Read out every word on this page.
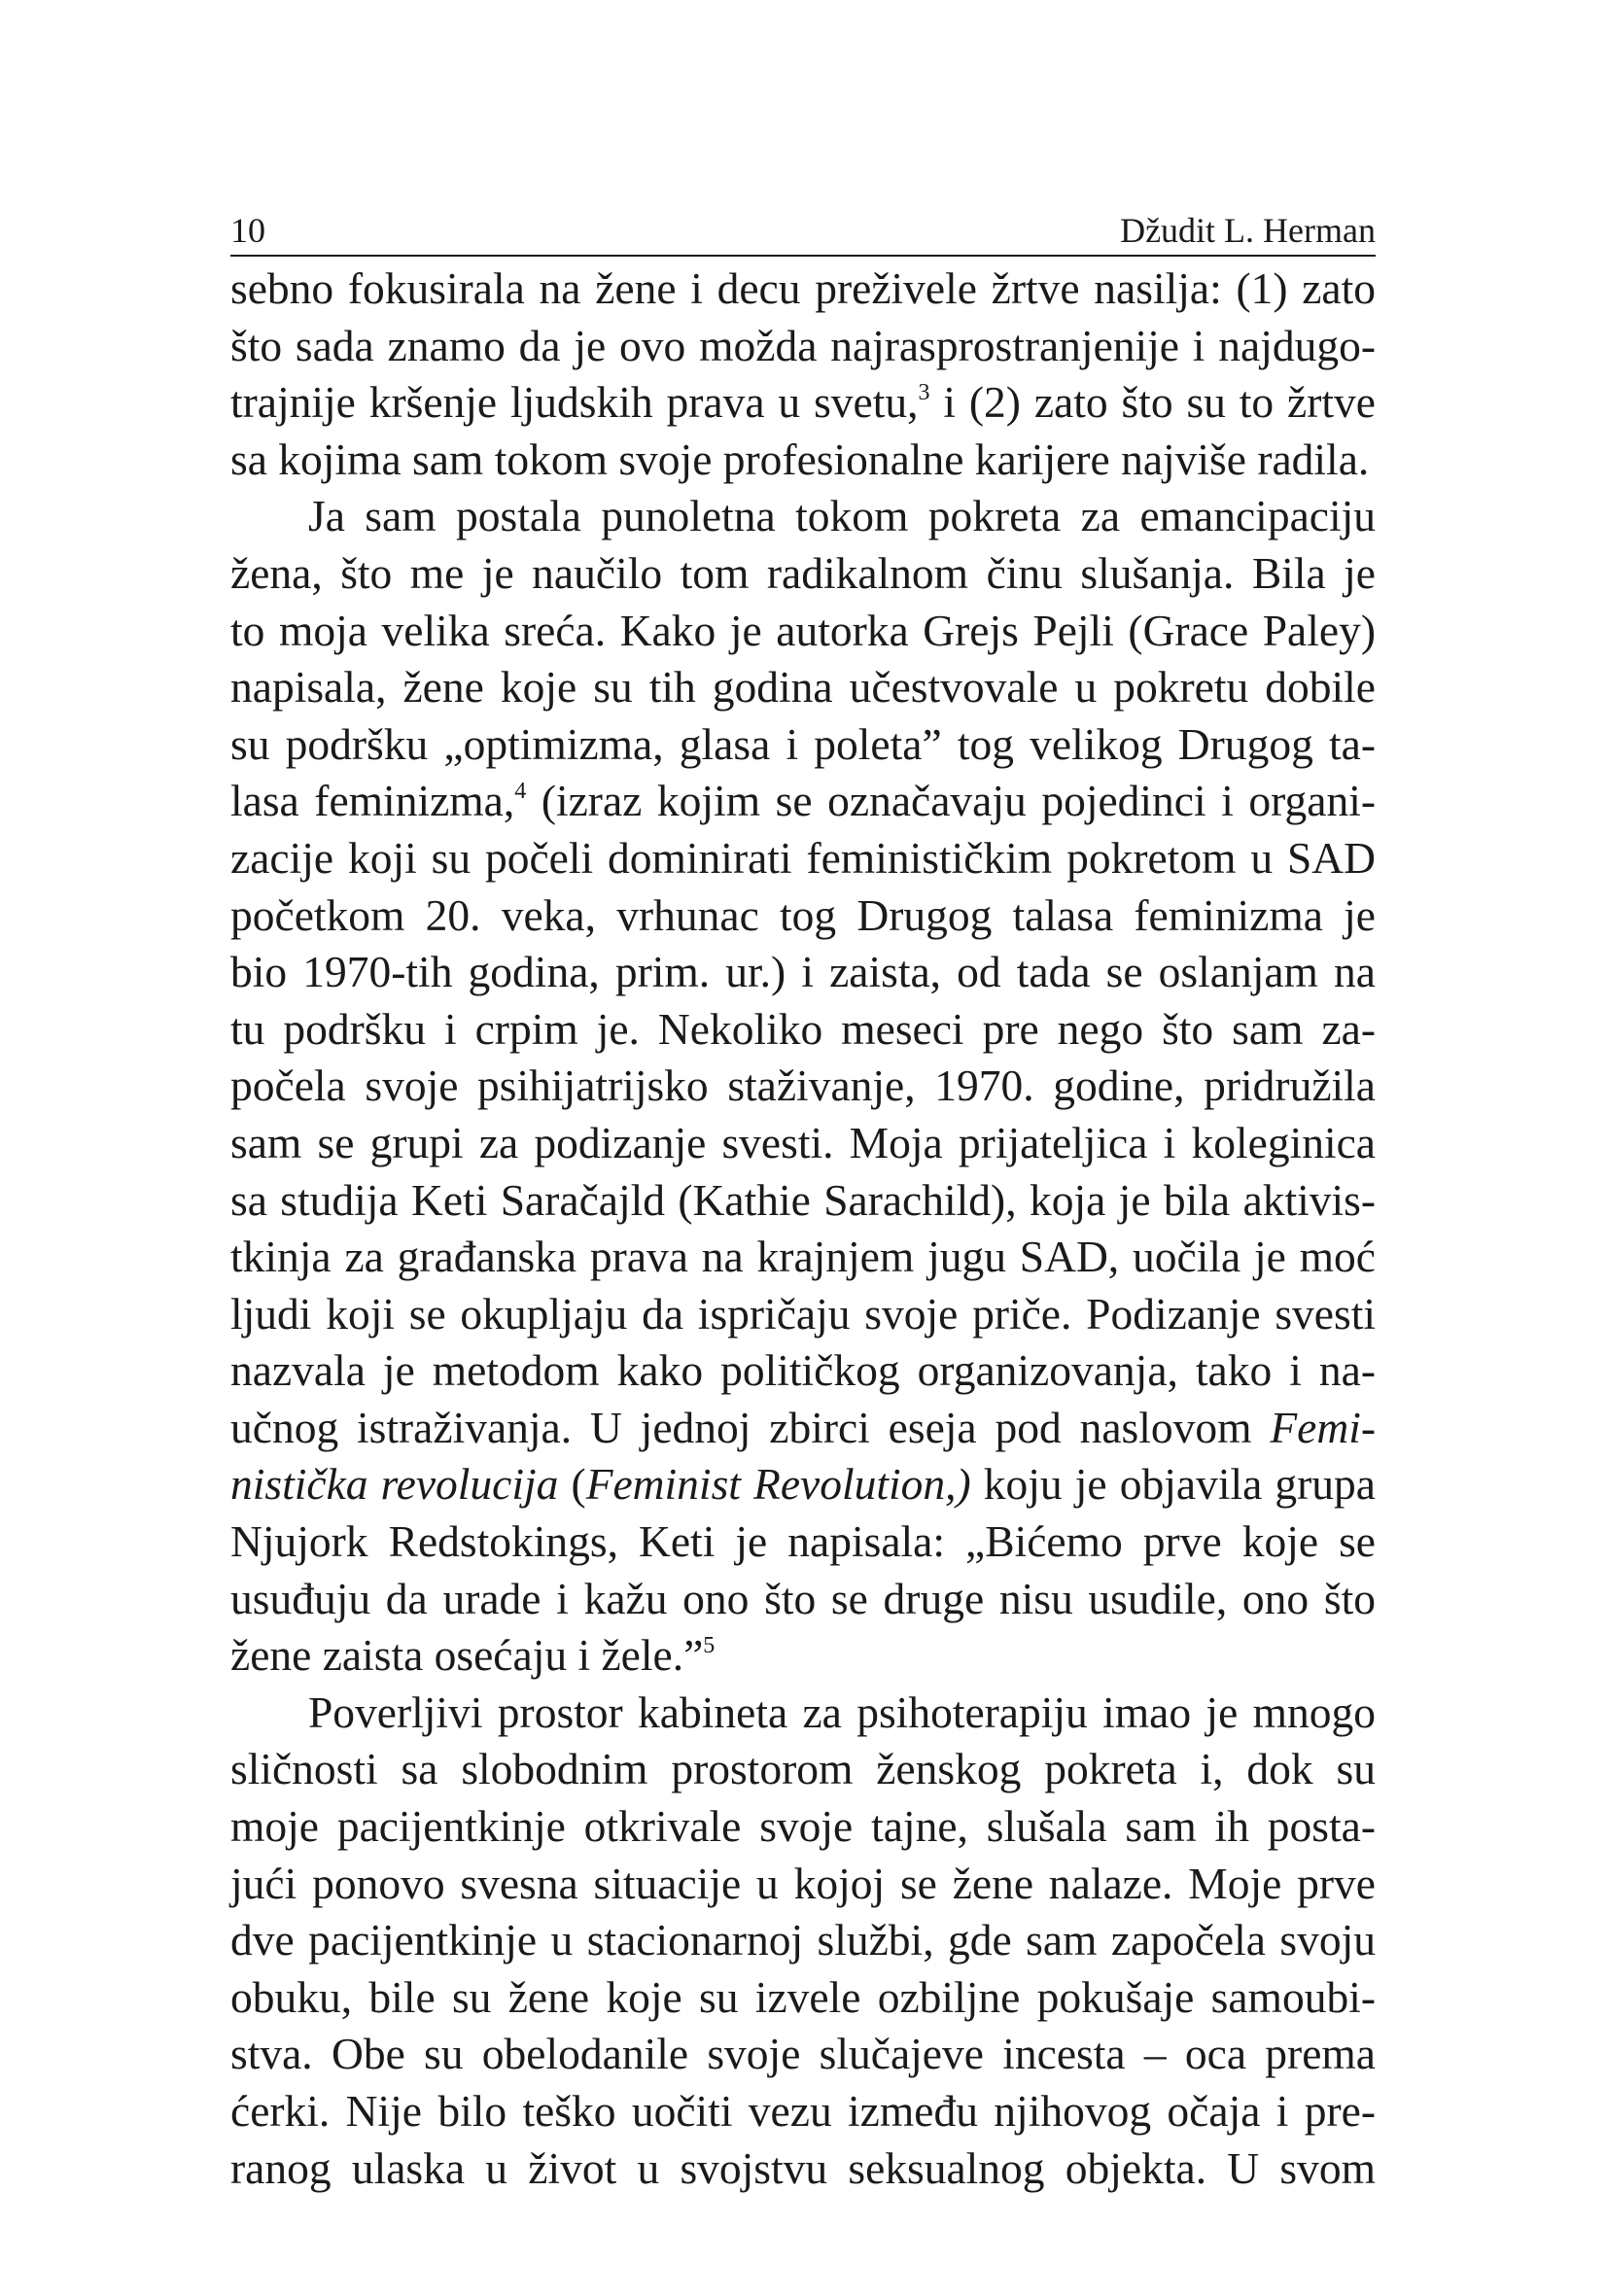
10	Džudit L. Herman
sebno fokusirala na žene i decu preživele žrtve nasilja: (1) zato
što sada znamo da je ovo možda najrasprostranjenije i najdugo-
trajnije kršenje ljudskih prava u svetu,$^3$ i (2) zato što su to žrtve
sa kojima sam tokom svoje profesionalne karijere najviše radila.
Ja sam postala punoletna tokom pokreta za emancipaciju
žena, što me je naučilo tom radikalnom činu slušanja. Bila je
to moja velika sreća. Kako je autorka Grejs Pejli (Grace Paley)
napisala, žene koje su tih godina učestvovale u pokretu dobile
su podršku „optimizma, glasa i poleta” tog velikog Drugog ta-
lasa feminizma,$^4$ (izraz kojim se označavaju pojedinci i organi-
zacije koji su počeli dominirati feminističkim pokretom u SAD
početkom 20. veka, vrhunac tog Drugog talasa feminizma je
bio 1970-tih godina, prim. ur.) i zaista, od tada se oslanjam na
tu podršku i crpim je. Nekoliko meseci pre nego što sam za-
počela svoje psihijatrijsko staživanje, 1970. godine, pridružila
sam se grupi za podizanje svesti. Moja prijateljica i koleginica
sa studija Keti Saračajld (Kathie Sarachild), koja je bila aktivis-
tkinja za građanska prava na krajnjem jugu SAD, uočila je moć
ljudi koji se okupljaju da ispričaju svoje priče. Podizanje svesti
nazvala je metodom kako političkog organizovanja, tako i na-
učnog istraživanja. U jednoj zbirci eseja pod naslovom Femi-
nistička revolucija (Feminist Revolution,) koju je objavila grupa
Njujork Redstokings, Keti je napisala: „Bićemo prve koje se
usuđuju da urade i kažu ono što se druge nisu usudile, ono što
žene zaista osećaju i žele.”$^5$
Poverljivi prostor kabineta za psihoterapiju imao je mnogo
sličnosti sa slobodnim prostorom ženskog pokreta i, dok su
moje pacijentkinje otkrivale svoje tajne, slušala sam ih posta-
jući ponovo svesna situacije u kojoj se žene nalaze. Moje prve
dve pacijentkinje u stacionarnoj službi, gde sam započela svoju
obuku, bile su žene koje su izvele ozbiljne pokušaje samoubi-
stva. Obe su obelodanile svoje slučajeve incesta – oca prema
ćerki. Nije bilo teško uočiti vezu između njihovog očaja i pre-
ranog ulaska u život u svojstvu seksualnog objekta. U svom
